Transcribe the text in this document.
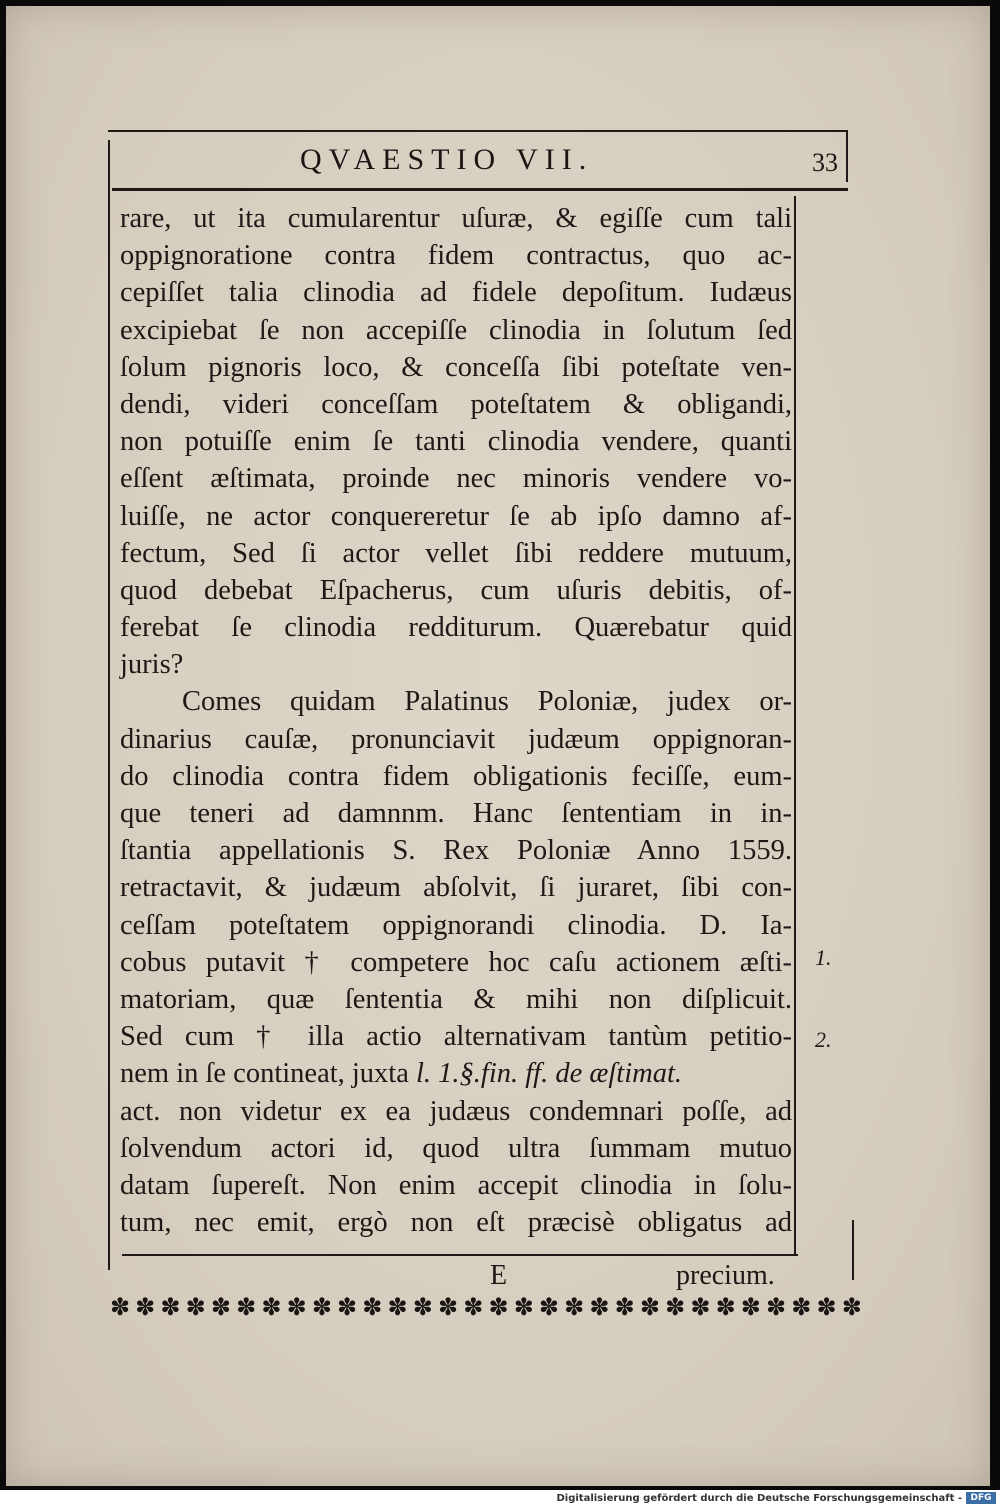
QVAESTIO VII.	33
rare, ut ita cumularentur uſuræ, & egiſſe cum tali
oppignoratione contra fidem contractus, quo ac-
cepiſſet talia clinodia ad fidele depoſitum. Iudæus
excipiebat ſe non accepiſſe clinodia in ſolutum ſed
ſolum pignoris loco, & conceſſa ſibi poteſtate ven-
dendi, videri conceſſam poteſtatem & obligandi,
non potuiſſe enim ſe tanti clinodia vendere, quanti
eſſent æſtimata, proinde nec minoris vendere vo-
luiſſe, ne actor conquereretur ſe ab ipſo damno af-
fectum, Sed ſi actor vellet ſibi reddere mutuum,
quod debebat Eſpacherus, cum uſuris debitis, of-
ferebat ſe clinodia redditurum. Quærebatur quid
juris?
Comes quidam Palatinus Poloniæ, judex or-
dinarius cauſæ, pronunciavit judæum oppignoran-
do clinodia contra fidem obligationis feciſſe, eum-
que teneri ad damnnm. Hanc ſententiam in in-
ſtantia appellationis S. Rex Poloniæ Anno 1559.
retractavit, & judæum abſolvit, ſi juraret, ſibi con-
ceſſam poteſtatem oppignorandi clinodia. D. Ia-
cobus putavit † competere hoc caſu actionem æſti-
matoriam, quæ ſententia & mihi non diſplicuit.
Sed cum † illa actio alternativam tantùm petitio-
nem in ſe contineat, juxta l. 1.§.fin. ff. de æſtimat.
act. non videtur ex ea judæus condemnari poſſe, ad
ſolvendum actori id, quod ultra ſummam mutuo
datam ſupereſt. Non enim accepit clinodia in ſolu-
tum, nec emit, ergò non eſt præcisè obligatus ad
1.
2.
E	precium.
✽ ✽ ✽ ✽ ✽ ✽ ✽ ✽ ✽ ✽ ✽ ✽ ✽ ✽ ✽ ✽ ✽ ✽ ✽ ✽ ✽ ✽ ✽ ✽ ✽ ✽ ✽ ✽ ✽ ✽
Digitalisierung gefördert durch die Deutsche Forschungsgemeinschaft - DFG
